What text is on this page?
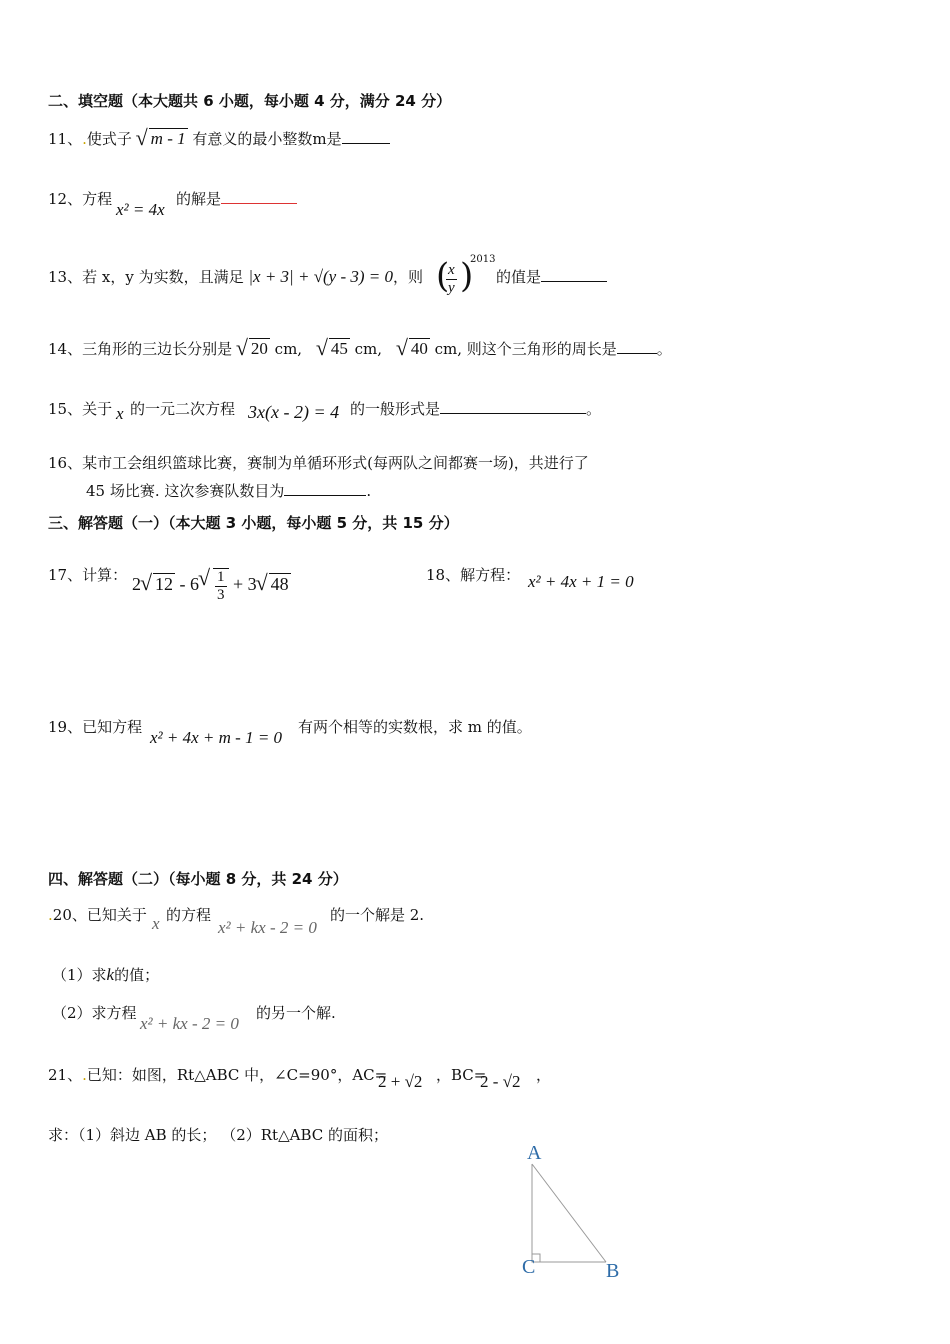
二、填空题（本大题共 6 小题，每小题 4 分，满分 24 分）
11、.使式子 √ m - 1 有意义的最小整数m是
12、方程
x² = 4x
的解是
13、若 x，y 为实数，且满足 |x + 3| + √(y - 3) = 0，则 (
$\frac{x}{y}$ )
2013
的值是
14、三角形的三边长分别是 √ 20 cm, √ 45 cm, √ 40 cm, 则这个三角形的周长是	。
15、关于 x 的一元二次方程 3x(x - 2) = 4 的一般形式是	。
16、某市工会组织篮球比赛，赛制为单循环形式(每两队之间都赛一场)，共进行了
45 场比赛. 这次参赛队数目为	.
三、解答题（一）（本大题 3 小题，每小题 5 分，共 15 分）
17、计算： 2√ 12 - 6
√ $\frac{1}{3} + 3√$ 48	18、解方程： x² + 4x + 1 = 0
19、已知方程
x² + 4x + m - 1 = 0
有两个相等的实数根，求 m 的值。
四、解答题（二）（每小题 8 分，共 24 分）
.20、已知关于 x 的方程
x² + kx - 2 = 0
的一个解是 2.
（1）求k的值；
（2）求方程
x² + kx - 2 = 0
的另一个解.
21、.已知：如图，Rt△ABC 中，∠C=90°，AC=
2 + √2 ，BC=
2 - √2 ，
求：（1）斜边 AB 的长； （2）Rt△ABC 的面积；
A
C	B
